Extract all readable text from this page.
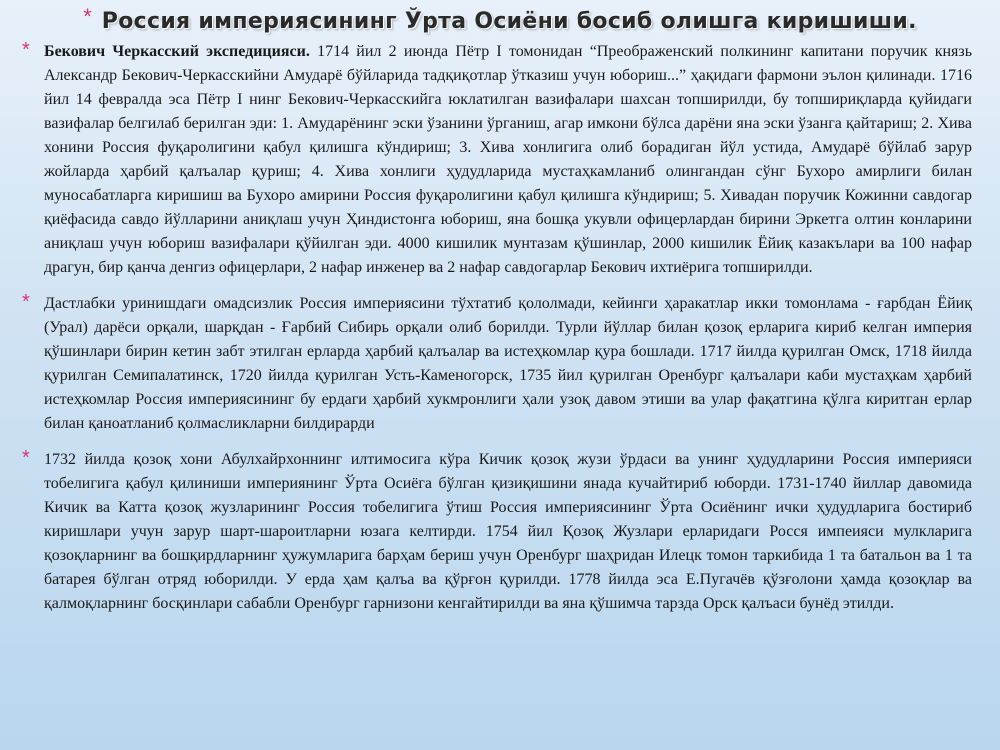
* Россия империясининг Ўрта Осиёни босиб олишга киришиши.
* Бекович Черкасский экспедицияси. 1714 йил 2 июнда Пётр I томонидан “Преображенский полкининг капитани поручик князь Александр Бекович-Черкасскийни Амударё бўйларида тадқиқотлар ўтказиш учун юбориш...” ҳақидаги фармони эълон қилинади. 1716 йил 14 февралда эса Пётр I нинг Бекович-Черкасскийга юклатилган вазифалари шахсан топширилди, бу топшириқларда қуйидаги вазифалар белгилаб берилган эди: 1. Амударёнинг эски ўзанини ўрганиш, агар имкони бўлса дарёни яна эски ўзанга қайтариш; 2. Хива хонини Россия фуқаролигини қабул қилишга кўндириш; 3. Хива хонлигига олиб борадиган йўл устида, Амударё бўйлаб зарур жойларда ҳарбий қалъалар қуриш; 4. Хива хонлиги ҳудудларида мустаҳкамланиб олингандан сўнг Бухоро амирлиги билан муносабатларга киришиш ва Бухоро амирини Россия фуқаролигини қабул қилишга кўндириш; 5. Хивадан поручик Кожинни савдогар қиёфасида савдо йўлларини аниқлаш учун Ҳиндистонга юбориш, яна бошқа укувли офицерлардан бирини Эркетга олтин конларини аниқлаш учун юбориш вазифалари қўйилган эди. 4000 кишилик мунтазам қўшинлар, 2000 кишилик Ёйиқ казакълари ва 100 нафар драгун, бир қанча денгиз офицерлари, 2 нафар инженер ва 2 нафар савдогарлар Бекович ихтиёрига топширилди.

* Дастлабки уринишдаги омадсизлик Россия империясини тўхтатиб қололмади, кейинги ҳаракатлар икки томонлама - ғарбдан Ёйиқ (Урал) дарёси орқали, шарқдан - Ғарбий Сибирь орқали олиб борилди. Турли йўллар билан қозоқ ерларига кириб келган империя қўшинлари бирин кетин забт этилган ерларда ҳарбий қалъалар ва истеҳкомлар қура бошлади. 1717 йилда қурилган Омск, 1718 йилда қурилган Семипалатинск, 1720 йилда қурилган Усть-Каменогорск, 1735 йил қурилган Оренбург қалъалари каби мустаҳкам ҳарбий истеҳкомлар Россия империясининг бу ердаги ҳарбий хукмронлиги ҳали узоқ давом этиши ва улар фақатгина қўлга киритган ерлар билан қаноатланиб қолмасликларни билдирарди

* 1732 йилда қозоқ хони Абулхайрхоннинг илтимосига кўра Кичик қозоқ жузи ўрдаси ва унинг ҳудудларини Россия империяси тобелигига қабул қилиниши империянинг Ўрта Осиёга бўлган қизиқишини янада кучайтириб юборди. 1731-1740 йиллар давомида Кичик ва Катта қозоқ жузларининг Россия тобелигига ўтиш Россия империясининг Ўрта Осиёнинг ички ҳудудларига бостириб киришлари учун зарур шарт-шароитларни юзага келтирди. 1754 йил Қозоқ Жузлари ерларидаги Росся импеияси мулкларига қозоқларнинг ва бошқирдларнинг ҳужумларига барҳам бериш учун Оренбург шаҳридан Илецк томон таркибида 1 та батальон ва 1 та батарея бўлган отряд юборилди. У ерда ҳам қалъа ва қўрғон қурилди. 1778 йилда эса Е.Пугачёв қўзғолони ҳамда қозоқлар ва қалмоқларнинг босқинлари сабабли Оренбург гарнизони кенгайтирилди ва яна қўшимча тарзда Орск қалъаси бунёд этилди.
